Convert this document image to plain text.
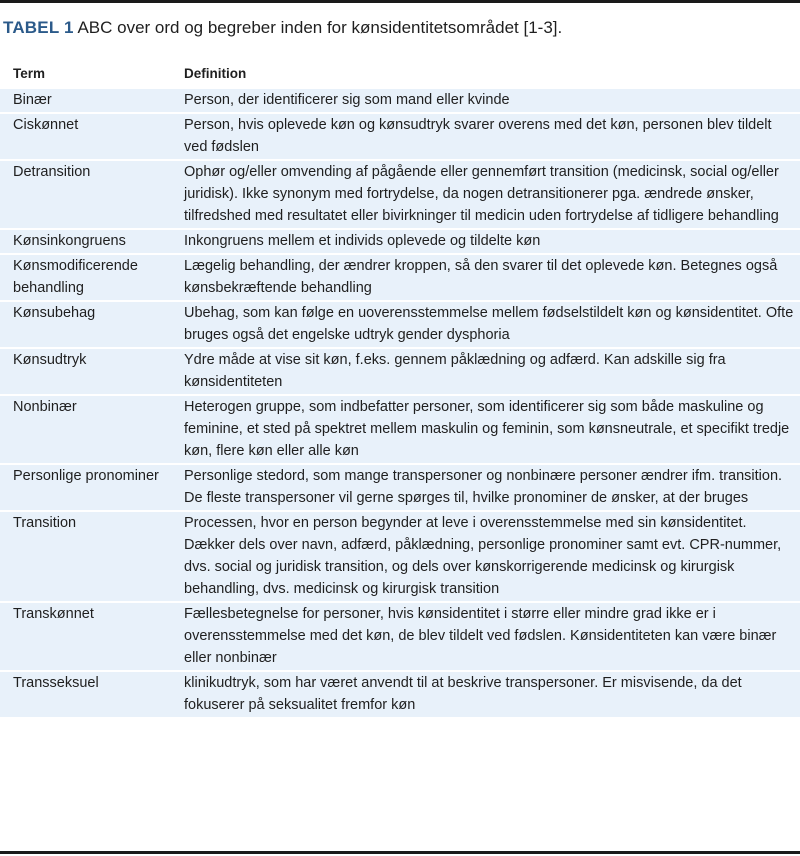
TABEL 1 ABC over ord og begreber inden for kønsidentitetsområdet [1-3].
Term	Definition
Binær	Person, der identificerer sig som mand eller kvinde
Ciskønnet	Person, hvis oplevede køn og kønsudtryk svarer overens med det køn, personen blev tildelt ved fødslen
Detransition	Ophør og/eller omvending af pågående eller gennemført transition (medicinsk, social og/eller juridisk). Ikke synonym med fortrydelse, da nogen detransitionerer pga. ændrede ønsker, tilfredshed med resultatet eller bivirkninger til medicin uden fortrydelse af tidligere behandling
Kønsinkongruens	Inkongruens mellem et individs oplevede og tildelte køn
Kønsmodificerende behandling	Lægelig behandling, der ændrer kroppen, så den svarer til det oplevede køn. Betegnes også kønsbekræftende behandling
Kønsubehag	Ubehag, som kan følge en uoverensstemmelse mellem fødselstildelt køn og kønsidentitet. Ofte bruges også det engelske udtryk gender dysphoria
Kønsudtryk	Ydre måde at vise sit køn, f.eks. gennem påklædning og adfærd. Kan adskille sig fra kønsidentiteten
Nonbinær	Heterogen gruppe, som indbefatter personer, som identificerer sig som både maskuline og feminine, et sted på spektret mellem maskulin og feminin, som kønsneutrale, et specifikt tredje køn, flere køn eller alle køn
Personlige pronominer	Personlige stedord, som mange transpersoner og nonbinære personer ændrer ifm. transition. De fleste transpersoner vil gerne spørges til, hvilke pronominer de ønsker, at der bruges
Transition	Processen, hvor en person begynder at leve i overensstemmelse med sin kønsidentitet. Dækker dels over navn, adfærd, påklædning, personlige pronominer samt evt. CPR-nummer, dvs. social og juridisk transition, og dels over kønskorrigerende medicinsk og kirurgisk behandling, dvs. medicinsk og kirurgisk transition
Transkønnet	Fællesbetegnelse for personer, hvis kønsidentitet i større eller mindre grad ikke er i overensstemmelse med det køn, de blev tildelt ved fødslen. Kønsidentiteten kan være binær eller nonbinær
Transseksuel	klinikudtryk, som har været anvendt til at beskrive transpersoner. Er misvisende, da det fokuserer på seksualitet fremfor køn
